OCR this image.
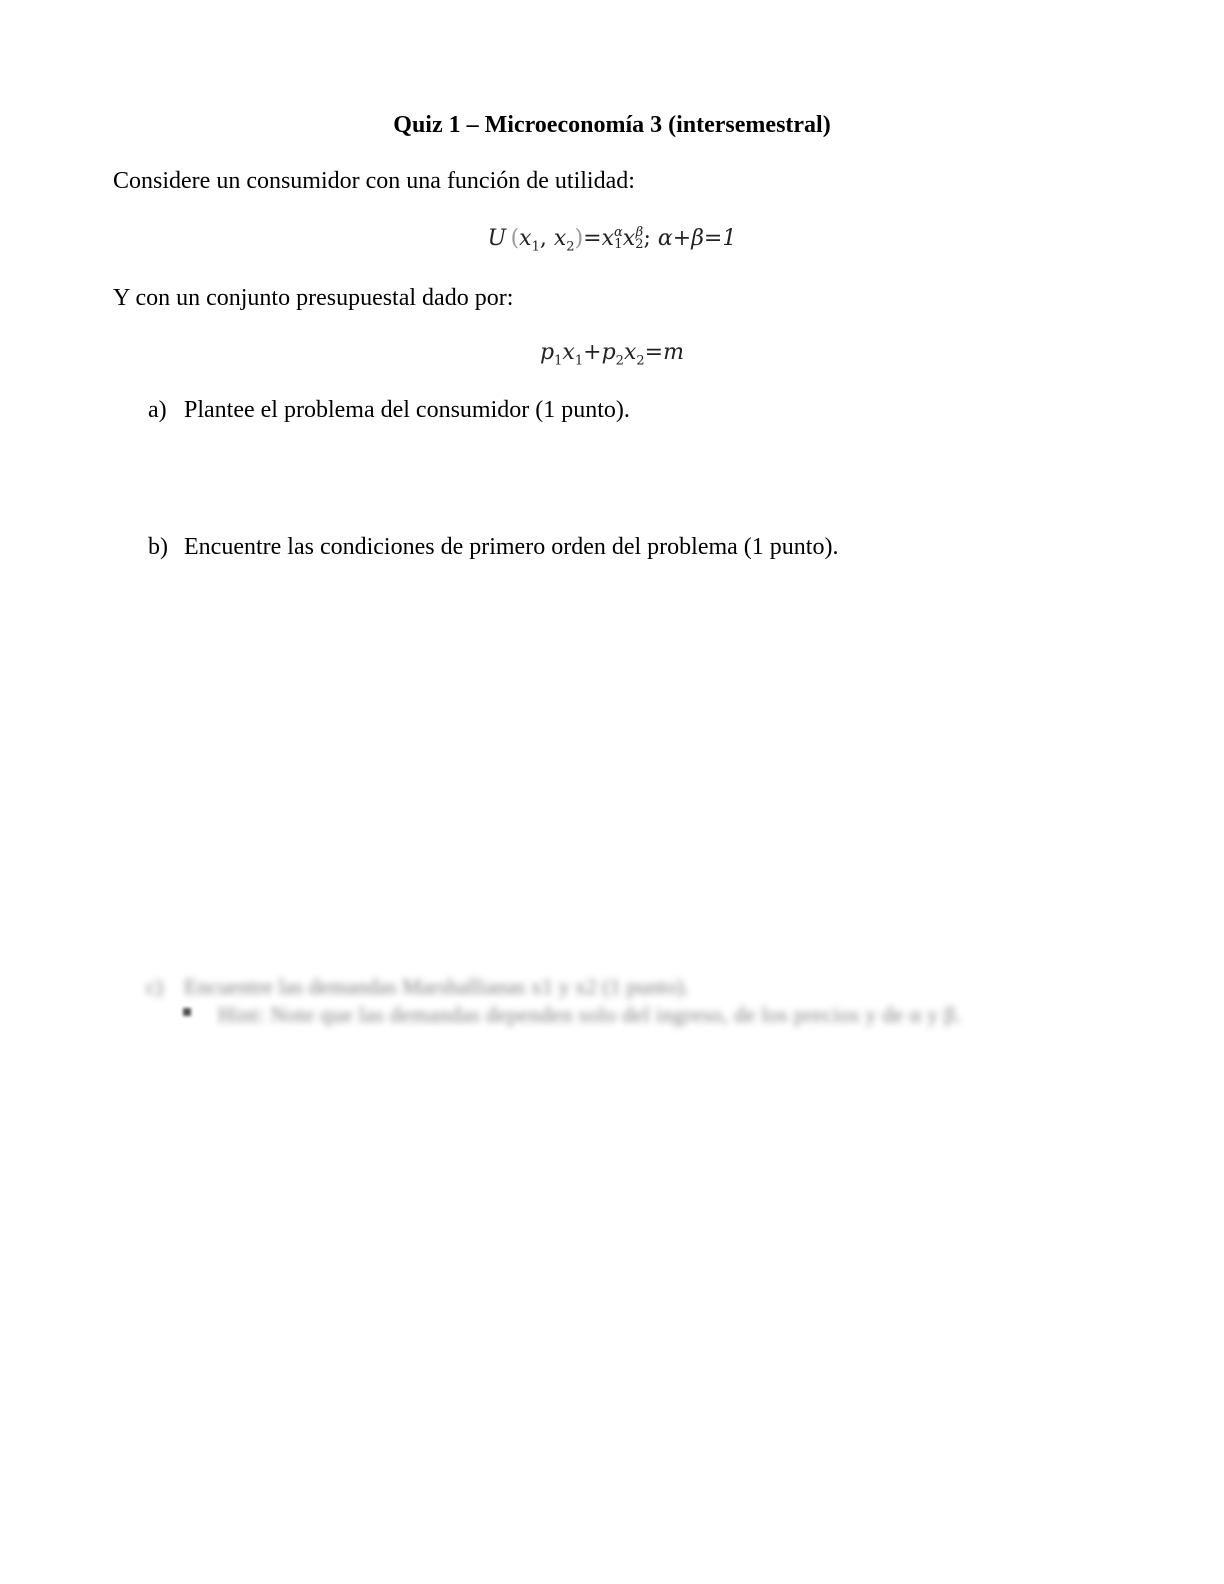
Quiz 1 – Microeconomía 3 (intersemestral)
Considere un consumidor con una función de utilidad:
U ($x_1$, $x_2)=x$ α
1 x β
2 ; α+β=1
Y con un conjunto presupuestal dado por:
$p_1x_1+p_2x_2=m$
a) Plantee el problema del consumidor (1 punto).
b) Encuentre las condiciones de primero orden del problema (1 punto).
c) Encuentre las demandas Marshallianas x1 y x2 (1 punto).
Hint: Note que las demandas dependen solo del ingreso, de los precios y de α y β.
